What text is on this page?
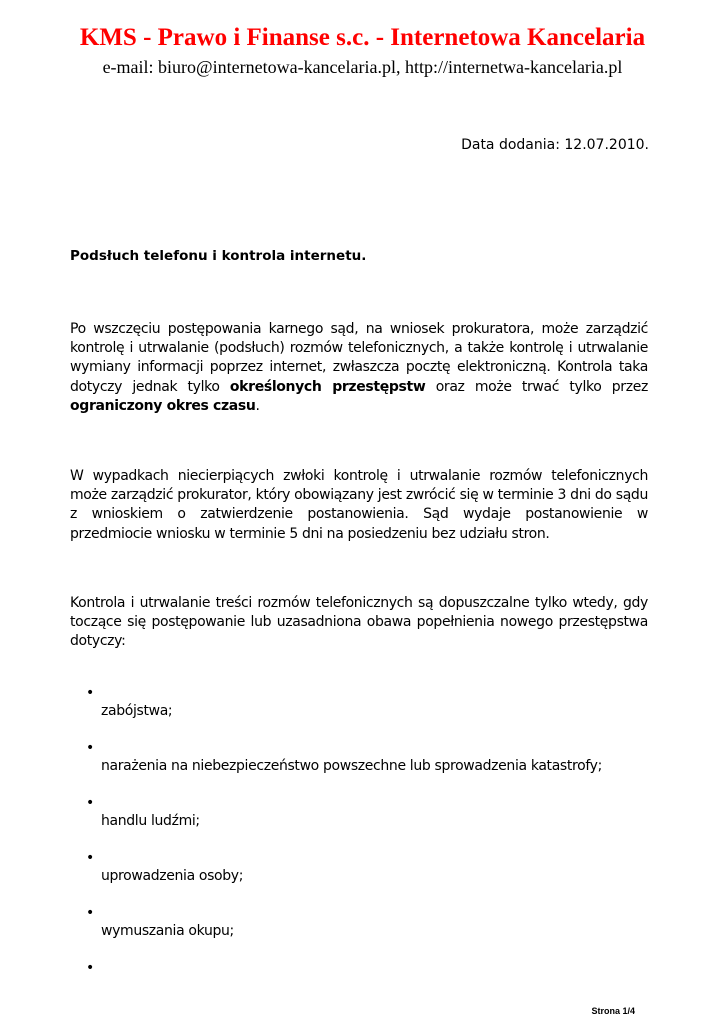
KMS - Prawo i Finanse s.c. - Internetowa Kancelaria
e-mail: biuro@internetowa-kancelaria.pl, http://internetwa-kancelaria.pl
Data dodania: 12.07.2010.
Podsłuch telefonu i kontrola internetu.

Po wszczęciu postępowania karnego sąd, na wniosek prokuratora, może zarządzić kontrolę i utrwalanie (podsłuch) rozmów telefonicznych, a także kontrolę i utrwalanie wymiany informacji poprzez internet, zwłaszcza pocztę elektroniczną. Kontrola taka dotyczy jednak tylko określonych przestępstw oraz może trwać tylko przez ograniczony okres czasu.

W wypadkach niecierpiących zwłoki kontrolę i utrwalanie rozmów telefonicznych może zarządzić prokurator, który obowiązany jest zwrócić się w terminie 3 dni do sądu z wnioskiem o zatwierdzenie postanowienia. Sąd wydaje postanowienie w przedmiocie wniosku w terminie 5 dni na posiedzeniu bez udziału stron.

Kontrola i utrwalanie treści rozmów telefonicznych są dopuszczalne tylko wtedy, gdy toczące się postępowanie lub uzasadniona obawa popełnienia nowego przestępstwa dotyczy:

•
zabójstwa;
•
narażenia na niebezpieczeństwo powszechne lub sprowadzenia katastrofy;
•
handlu ludźmi;
•
uprowadzenia osoby;
•
wymuszania okupu;
•
Strona 1/4
